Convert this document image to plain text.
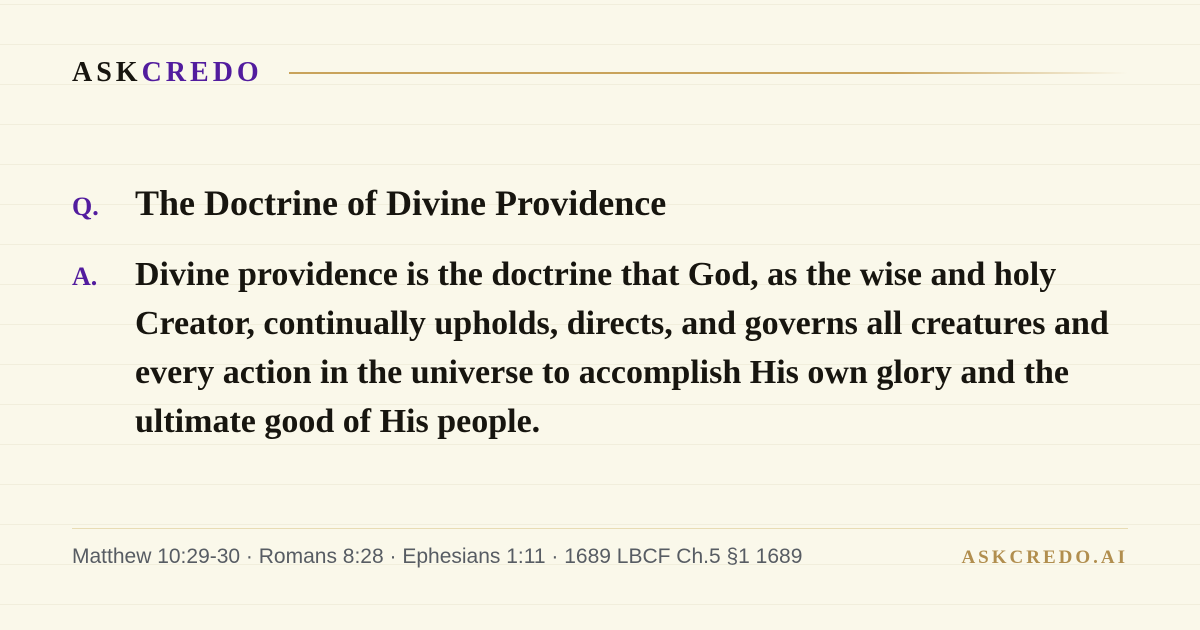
ASKCREDO
Q.	The Doctrine of Divine Providence
A.	Divine providence is the doctrine that God, as the wise and holy Creator, continually upholds, directs, and governs all creatures and every action in the universe to accomplish His own glory and the ultimate good of His people.

Matthew 10:29-30 · Romans 8:28 · Ephesians 1:11 · 1689 LBCF Ch.5 §1 1689	ASKCREDO.AI
